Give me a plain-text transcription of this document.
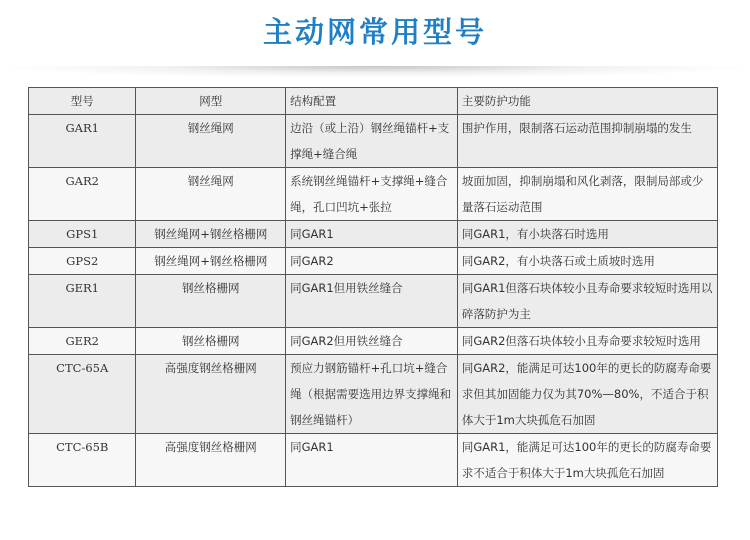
主动网常用型号
型号	网型	结构配置	主要防护功能
GAR1	钢丝绳网	边沿（或上沿）钢丝绳锚杆+支撑绳+缝合绳	围护作用，限制落石运动范围抑制崩塌的发生
GAR2	钢丝绳网	系统钢丝绳锚杆+支撑绳+缝合绳，孔口凹坑+张拉	坡面加固，抑制崩塌和风化剥落，限制局部或少量落石运动范围
GPS1	钢丝绳网+钢丝格栅网	同GAR1	同GAR1，有小块落石时选用
GPS2	钢丝绳网+钢丝格栅网	同GAR2	同GAR2，有小块落石或土质坡时选用
GER1	钢丝格栅网	同GAR1但用铁丝缝合	同GAR1但落石块体较小且寿命要求较短时选用以碎落防护为主
GER2	钢丝格栅网	同GAR2但用铁丝缝合	同GAR2但落石块体较小且寿命要求较短时选用
CTC-65A	高强度钢丝格栅网	预应力钢筋锚杆+孔口坑+缝合绳（根据需要选用边界支撑绳和钢丝绳锚杆）	同GAR2，能满足可达100年的更长的防腐寿命要求但其加固能力仅为其70%—80%，不适合于积体大于1m大块孤危石加固
CTC-65B	高强度钢丝格栅网	同GAR1	同GAR1，能满足可达100年的更长的防腐寿命要求不适合于积体大于1m大块孤危石加固
